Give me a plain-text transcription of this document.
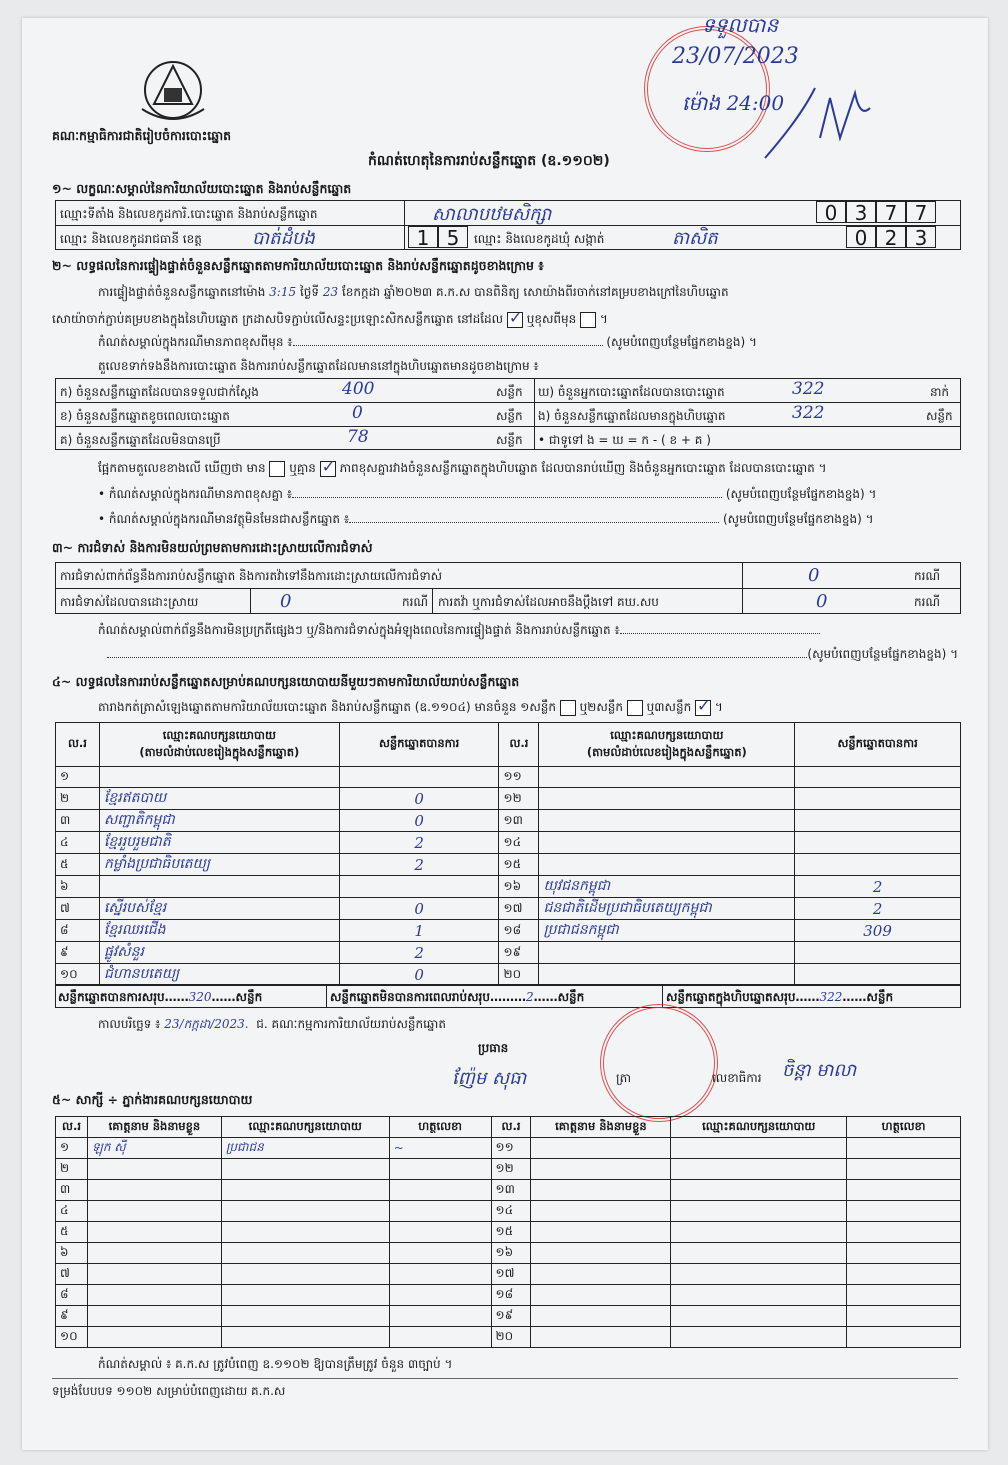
គណៈកម្មាធិការជាតិរៀបចំការបោះឆ្នោត
កំណត់ហេតុនៃការរាប់សន្លឹកឆ្នោត (ឧ.១១០២)
ទទួលបាន
23/07/2023
ម៉ោង 24:00
១~ លក្ខណៈសម្គាល់នៃការិយាល័យបោះឆ្នោត និងរាប់សន្លឹកឆ្នោត
ឈ្មោះទីតាំង និងលេខកូដការិ.បោះឆ្នោត និងរាប់សន្លឹកឆ្នោត	សាលាបឋមសិក្សា	0 3 7 7
ឈ្មោះ និងលេខកូដរាជធានី ខេត្ត	បាត់ដំបង	1 5	ឈ្មោះ និងលេខកូដឃុំ សង្កាត់	តាសិត	0 2 3
២~ លទ្ធផលនៃការផ្ទៀងផ្ទាត់ចំនួនសន្លឹកឆ្នោតតាមការិយាល័យបោះឆ្នោត និងរាប់សន្លឹកឆ្នោតដូចខាងក្រោម ៖
ការផ្ទៀងផ្ទាត់ចំនួនសន្លឹកឆ្នោតនៅម៉ោង 3:15 ថ្ងៃទី 23 ខែកក្កដា ឆ្នាំ២០២៣ គ.ក.ស បានពិនិត្យ សោយ៉ាងពីរចាក់នៅគម្របខាងក្រៅនៃហិបឆ្នោត
សោយ៉ាចាក់ភ្ជាប់គម្របខាងក្នុងនៃហិបឆ្នោត ក្រដាសបិទភ្ជាប់លើសន្ទះប្រឡោះសិកសន្លឹកឆ្នោត នៅដដែល ✓ ឬខុសពីមុន  ។
កំណត់សម្គាល់ក្នុងករណីមានភាពខុសពីមុន ៖	(សូមបំពេញបន្ថែមផ្នែកខាងខ្នង) ។
តួលេខទាក់ទងនឹងការបោះឆ្នោត និងការរាប់សន្លឹកឆ្នោតដែលមាននៅក្នុងហិបឆ្នោតមានដូចខាងក្រោម ៖
ក) ចំនួនសន្លឹកឆ្នោតដែលបានទទួលជាក់ស្តែង	400	សន្លឹក
ខ) ចំនួនសន្លឹកឆ្នោតខូចពេលបោះឆ្នោត	0	សន្លឹក
គ) ចំនួនសន្លឹកឆ្នោតដែលមិនបានប្រើ	78	សន្លឹក
ឃ) ចំនួនអ្នកបោះឆ្នោតដែលបានបោះឆ្នោត	322	នាក់
ង) ចំនួនសន្លឹកឆ្នោតដែលមានក្នុងហិបឆ្នោត	322	សន្លឹក
• ជាទូទៅ ង = ឃ = ក - ( ខ + គ )
ផ្អែកតាមតួលេខខាងលើ ឃើញថា មាន ឬគ្មាន ✓ ភាពខុសគ្នារវាងចំនួនសន្លឹកឆ្នោតក្នុងហិបឆ្នោត ដែលបានរាប់ឃើញ និងចំនួនអ្នកបោះឆ្នោត ដែលបានបោះឆ្នោត ។
• កំណត់សម្គាល់ក្នុងករណីមានភាពខុសគ្នា ៖	(សូមបំពេញបន្ថែមផ្នែកខាងខ្នង) ។
• កំណត់សម្គាល់ក្នុងករណីមានវត្ថុមិនមែនជាសន្លឹកឆ្នោត ៖	(សូមបំពេញបន្ថែមផ្នែកខាងខ្នង) ។
៣~ ការជំទាស់ និងការមិនយល់ព្រមតាមការដោះស្រាយលើការជំទាស់
ការជំទាស់ពាក់ព័ន្ធនឹងការរាប់សន្លឹកឆ្នោត និងការតវ៉ាទៅនឹងការដោះស្រាយលើការជំទាស់	0	ករណី
ការជំទាស់ដែលបានដោះស្រាយ	0	ករណី ការតវ៉ា ឬការជំទាស់ដែលអាចនឹងប្តឹងទៅ គឃ.សប	0	ករណី
កំណត់សម្គាល់ពាក់ព័ន្ធនឹងការមិនប្រក្រតីផ្សេងៗ ឬ/និងការជំទាស់ក្នុងអំឡុងពេលនៃការផ្ទៀងផ្ទាត់ និងការរាប់សន្លឹកឆ្នោត ៖
(សូមបំពេញបន្ថែមផ្នែកខាងខ្នង) ។
៤~ លទ្ធផលនៃការរាប់សន្លឹកឆ្នោតសម្រាប់គណបក្សនយោបាយនីមួយៗតាមការិយាល័យរាប់សន្លឹកឆ្នោត
តារាងកត់ត្រាសំឡេងឆ្នោតតាមការិយាល័យបោះឆ្នោត និងរាប់សន្លឹកឆ្នោត (ឧ.១១០៤) មានចំនួន ១សន្លឹក ឬ២សន្លឹក ឬ៣សន្លឹក ✓ ។
ល.រ	ឈ្មោះគណបក្សនយោបាយ
(តាមលំដាប់លេខរៀងក្នុងសន្លឹកឆ្នោត)	សន្លឹកឆ្នោតបានការ	ល.រ	ឈ្មោះគណបក្សនយោបាយ
(តាមលំដាប់លេខរៀងក្នុងសន្លឹកឆ្នោត)	សន្លឹកឆ្នោតបានការ
១			១១		
២	ខ្មែរឥតបាយ	0	១២		
៣	សញ្ជាតិកម្ពុជា	0	១៣		
៤	ខ្មែររួបរួមជាតិ	2	១៤		
៥	កម្លាំងប្រជាធិបតេយ្យ	2	១៥		
៦			១៦	យុវជនកម្ពុជា	2
៧	ស្នើរបស់ខ្មែរ	0	១៧	ជនជាតិដើមប្រជាធិបតេយ្យកម្ពុជា	2
៨	ខ្មែរឈរជើង	1	១៨	ប្រជាជនកម្ពុជា	309
៩	ផ្លូវសំនួរ	2	១៩		
១០	ជំហានបតេយ្យ	0	២០		
សន្លឹកឆ្នោតបានការសរុប……320……សន្លឹក	សន្លឹកឆ្នោតមិនបានការពេលរាប់សរុប………2……សន្លឹក	សន្លឹកឆ្នោតក្នុងហិបឆ្នោតសរុប……322……សន្លឹក
កាលបរិច្ឆេទ ៖ 23/កក្កដា/2023. ជ. គណៈកម្មការការិយាល័យរាប់សន្លឹកឆ្នោត
ប្រធាន
ញ៉ែម សុធា	ត្រា	លេខាធិការ ចិន្តា មាលា
៥~ សាក្សី ÷ ភ្នាក់ងារគណបក្សនយោបាយ
ល.រ	គោត្តនាម និងនាមខ្លួន	ឈ្មោះគណបក្សនយោបាយ	ហត្ថលេខា	ល.រ	គោត្តនាម និងនាមខ្លួន	ឈ្មោះគណបក្សនយោបាយ	ហត្ថលេខា
១	ឡុក ស៊ី	ប្រជាជន	~	១១			
២				១២			
៣				១៣			
៤				១៤			
៥				១៥			
៦				១៦			
៧				១៧			
៨				១៨			
៩				១៩			
១០				២០			
កំណត់សម្គាល់ ៖ គ.ក.ស ត្រូវបំពេញ ឧ.១១០២ ឱ្យបានត្រឹមត្រូវ ចំនួន ៣ច្បាប់ ។
ទម្រង់បែបបទ ១១០២ សម្រាប់បំពេញដោយ គ.ក.ស
